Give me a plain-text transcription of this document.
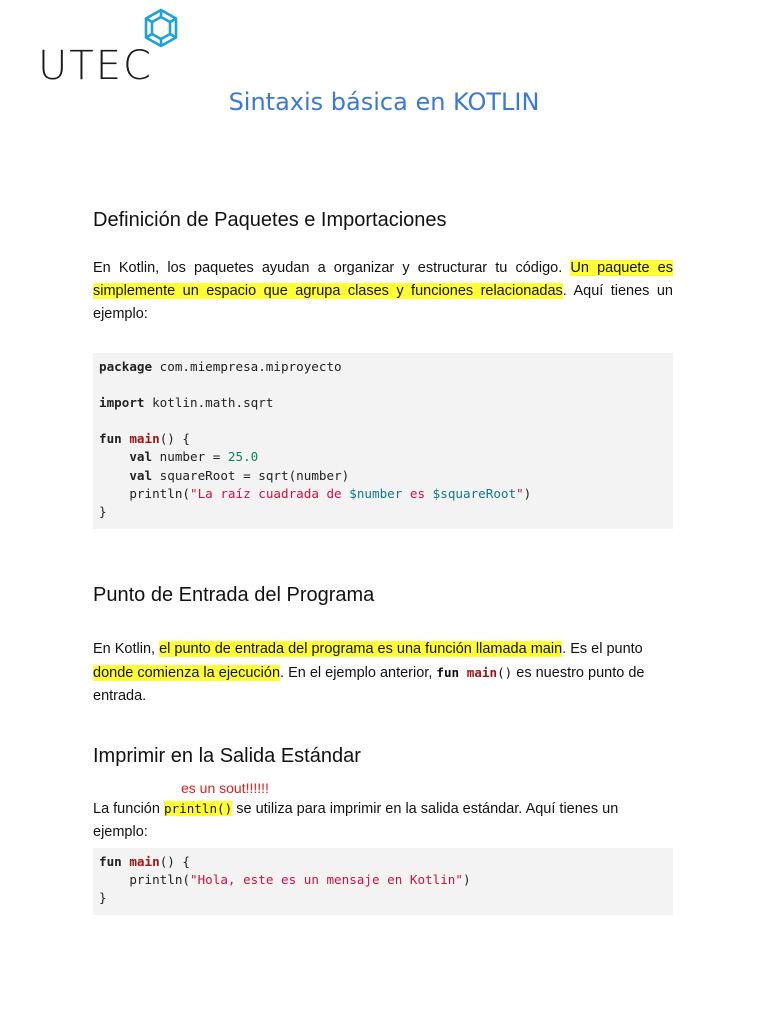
UTEC
Sintaxis básica en KOTLIN
Definición de Paquetes e Importaciones

En Kotlin, los paquetes ayudan a organizar y estructurar tu código. Un paquete es simplemente un espacio que agrupa clases y funciones relacionadas. Aquí tienes un ejemplo:

package com.miempresa.miproyecto

import kotlin.math.sqrt

fun main() {
val number = 25.0
val squareRoot = sqrt(number)
println("La raíz cuadrada de $number es $squareRoot")
}
Punto de Entrada del Programa

En Kotlin, el punto de entrada del programa es una función llamada main. Es el punto donde comienza la ejecución. En el ejemplo anterior, fun main() es nuestro punto de entrada.

Imprimir en la Salida Estándar
es un sout!!!!!!

La función println() se utiliza para imprimir en la salida estándar. Aquí tienes un ejemplo:

fun main() {
println("Hola, este es un mensaje en Kotlin")
}
